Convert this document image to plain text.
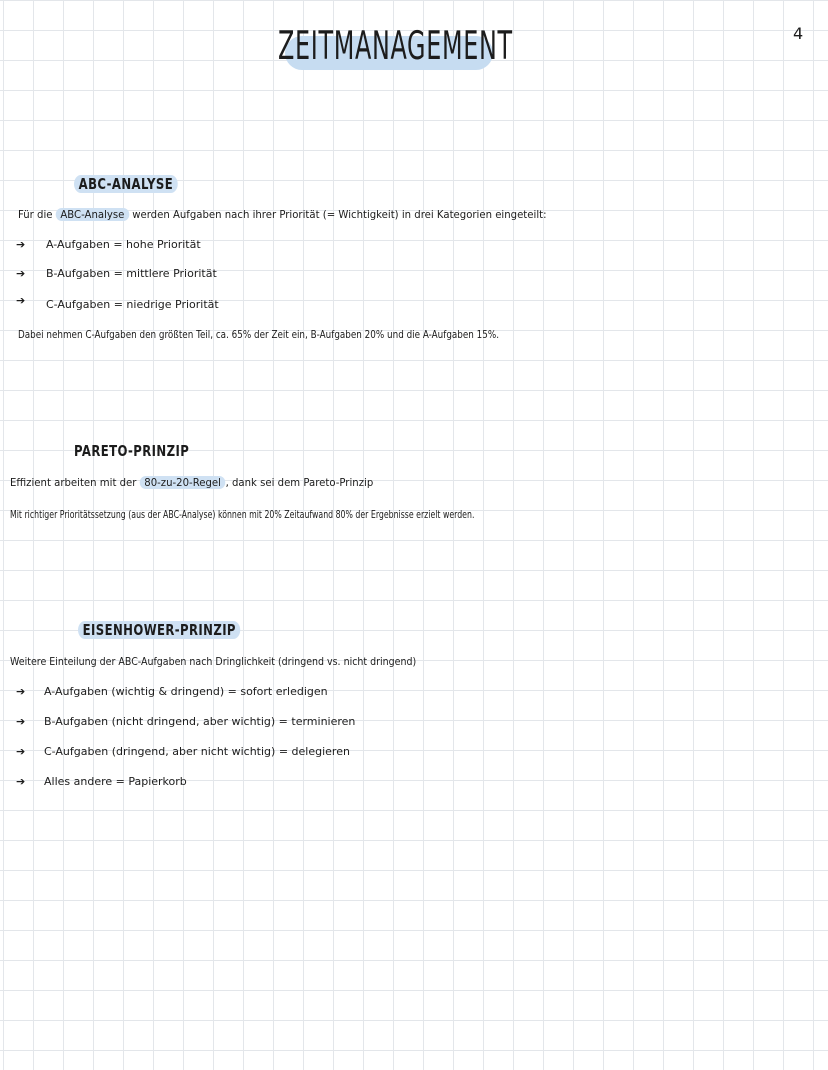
ZEITMANAGEMENT	4
ABC-ANALYSE
Für die ABC-Analyse werden Aufgaben nach ihrer Priorität (= Wichtigkeit) in drei Kategorien eingeteilt:
➔ A-Aufgaben = hohe Priorität
➔ B-Aufgaben = mittlere Priorität
➔ C-Aufgaben = niedrige Priorität
Dabei nehmen C-Aufgaben den größten Teil, ca. 65% der Zeit ein, B-Aufgaben 20% und die A-Aufgaben 15%.
PARETO-PRINZIP
Effizient arbeiten mit der 80-zu-20-Regel , dank sei dem Pareto-Prinzip
Mit richtiger Prioritätssetzung (aus der ABC-Analyse) können mit 20% Zeitaufwand 80% der Ergebnisse erzielt werden.
EISENHOWER-PRINZIP
Weitere Einteilung der ABC-Aufgaben nach Dringlichkeit (dringend vs. nicht dringend)
➔ A-Aufgaben (wichtig & dringend) = sofort erledigen
➔ B-Aufgaben (nicht dringend, aber wichtig) = terminieren
➔ C-Aufgaben (dringend, aber nicht wichtig) = delegieren
➔ Alles andere = Papierkorb
